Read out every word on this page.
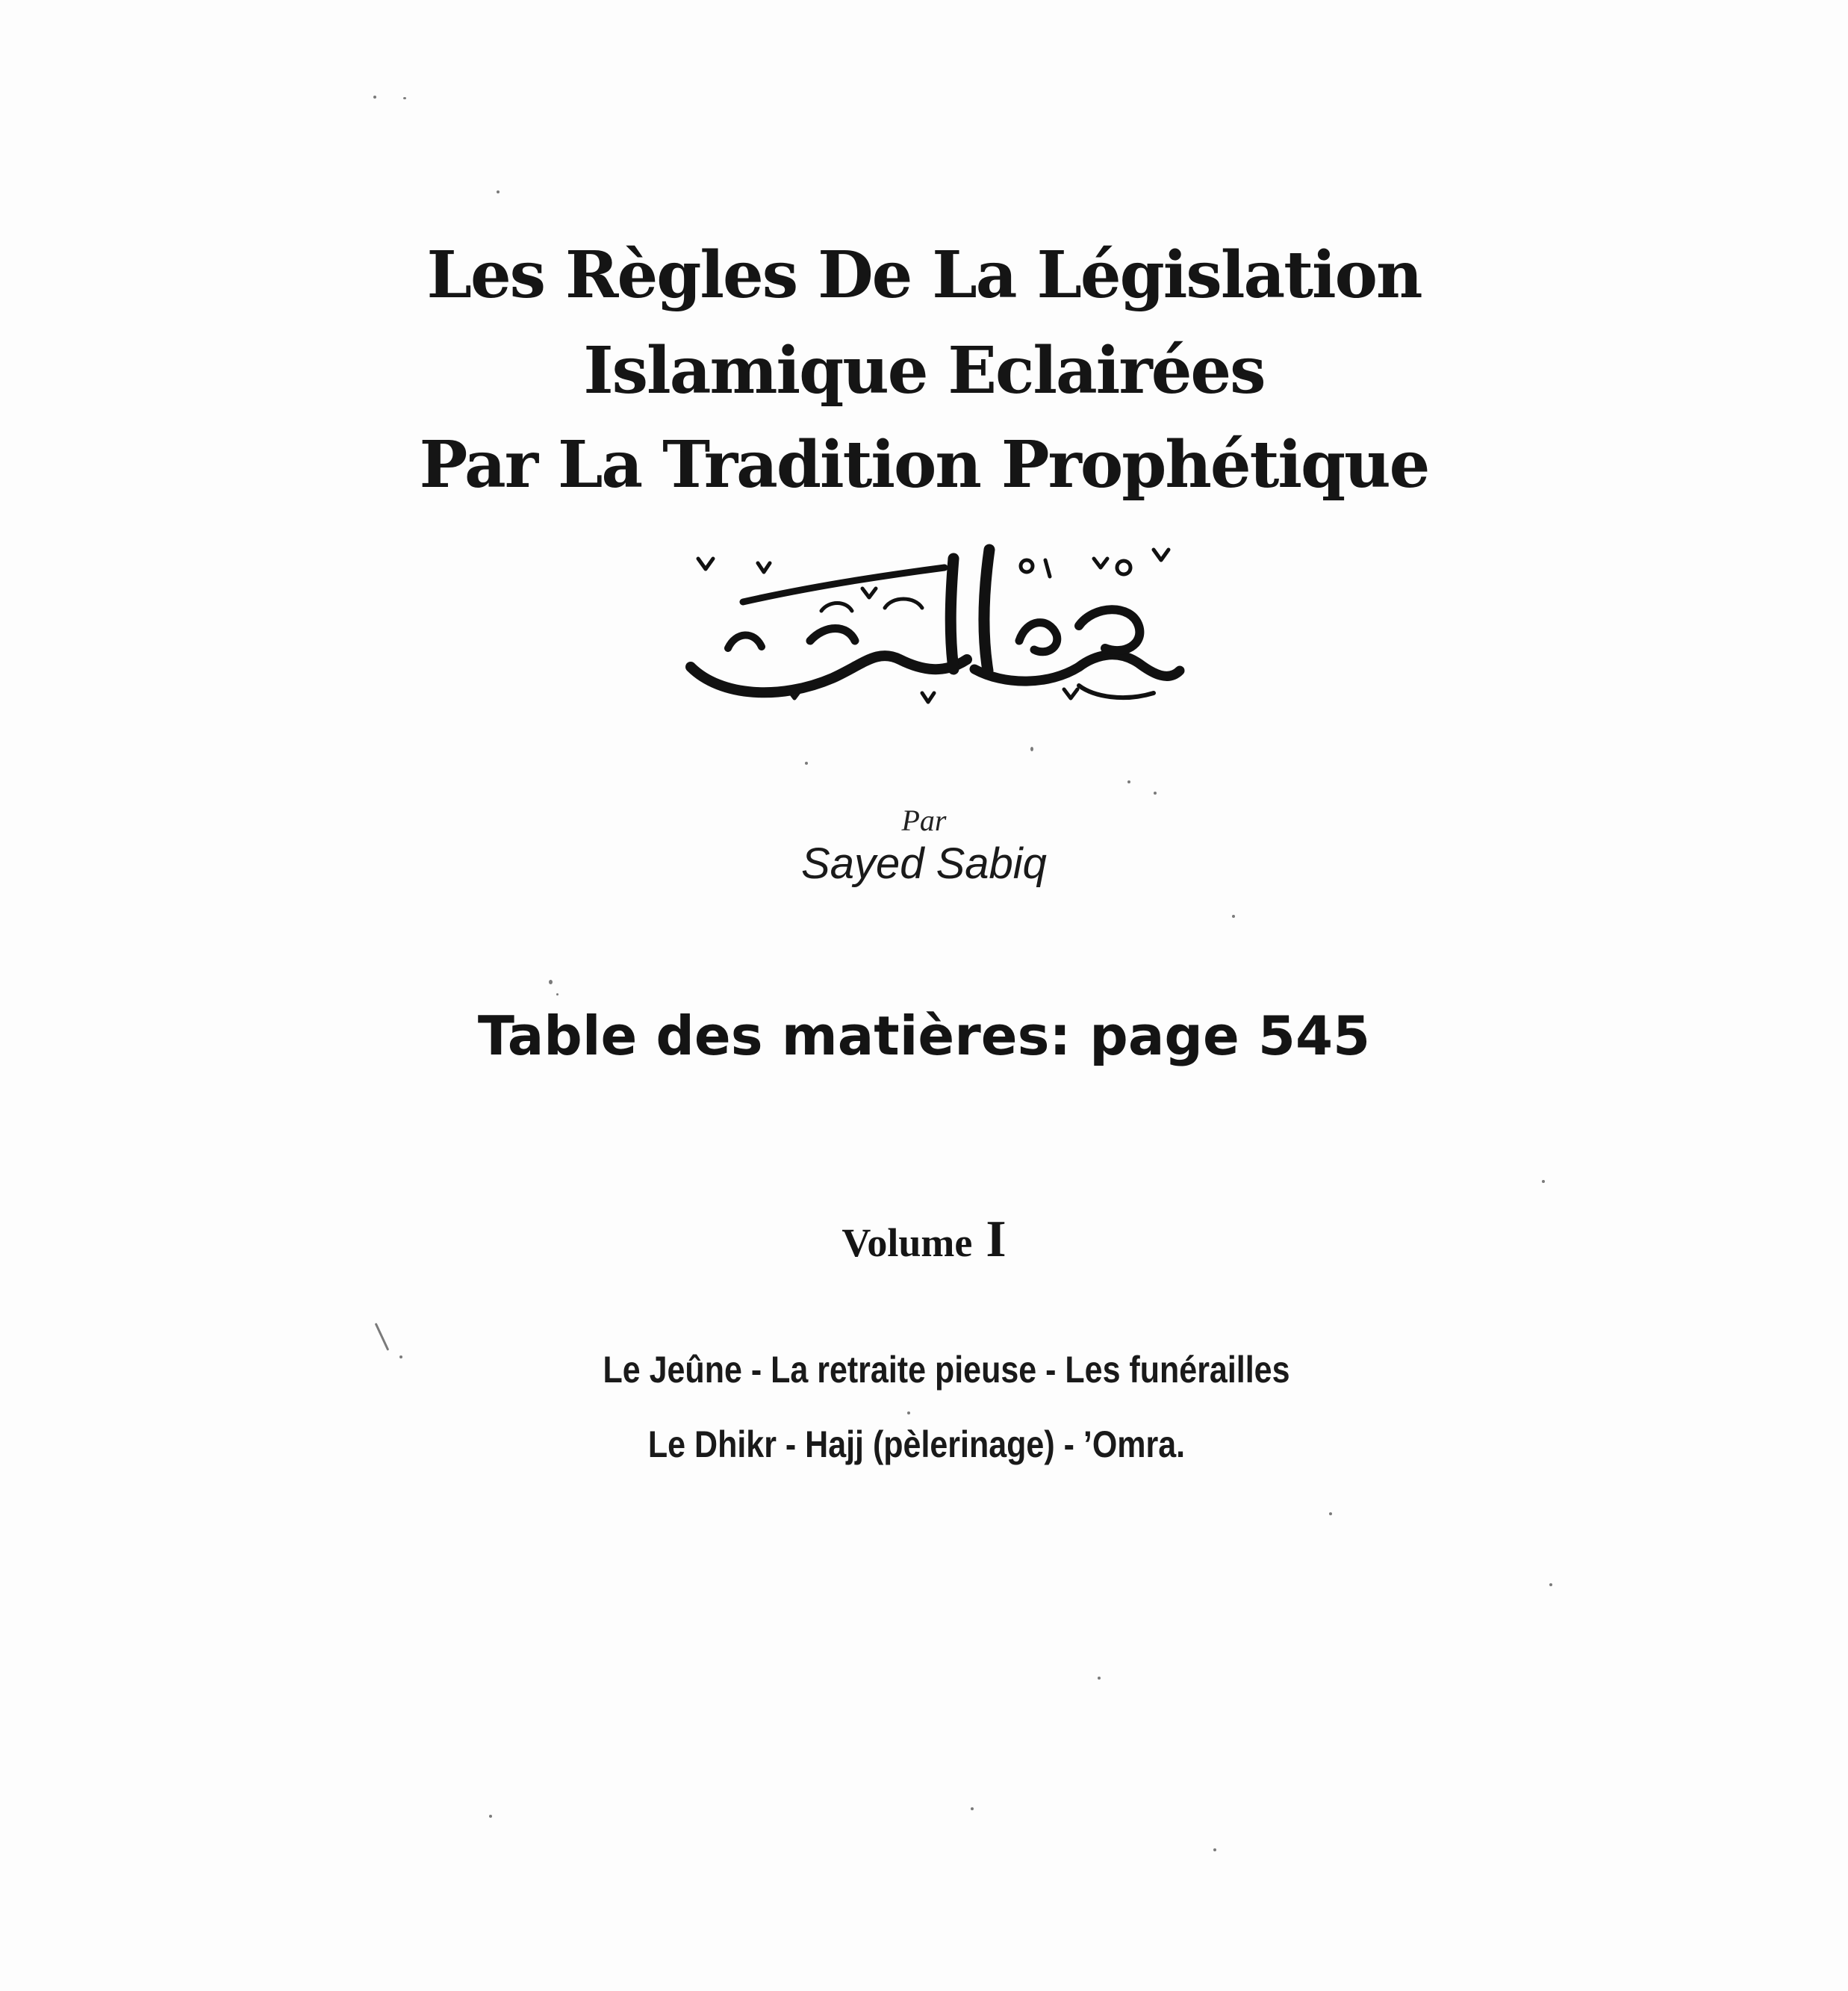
Les Règles De La Législation
Islamique Eclairées
Par La Tradition Prophétique
Par
Sayed Sabiq
Table des matières: page 545
Volume I
Le Jeûne - La retraite pieuse - Les funérailles
Le Dhikr - Hajj (pèlerinage) - ’Omra.
